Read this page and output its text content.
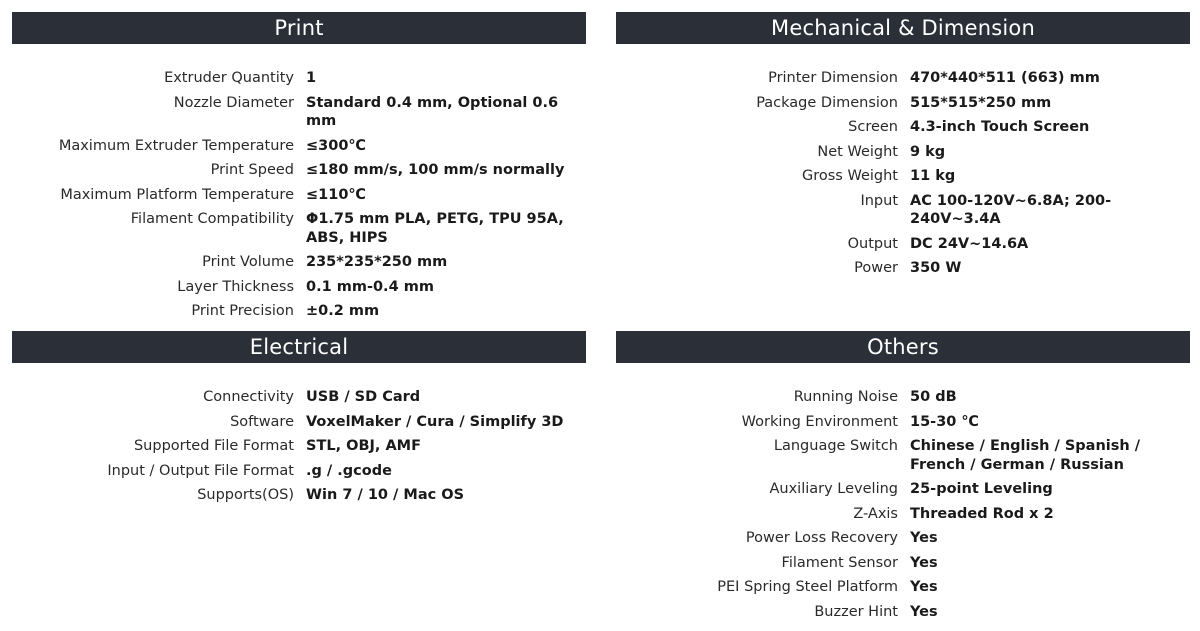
Print
Extruder Quantity 1
Nozzle Diameter Standard 0.4 mm, Optional 0.6 mm
Maximum Extruder Temperature ≤300℃
Print Speed ≤180 mm/s, 100 mm/s normally
Maximum Platform Temperature ≤110℃
Filament Compatibility Φ1.75 mm PLA, PETG, TPU 95A, ABS, HIPS
Print Volume 235*235*250 mm
Layer Thickness 0.1 mm-0.4 mm
Print Precision ±0.2 mm
Mechanical & Dimension
Printer Dimension 470*440*511 (663) mm
Package Dimension 515*515*250 mm
Screen 4.3-inch Touch Screen
Net Weight 9 kg
Gross Weight 11 kg
Input AC 100-120V~6.8A; 200-240V~3.4A
Output DC 24V~14.6A
Power 350 W
Electrical
Connectivity USB / SD Card
Software VoxelMaker / Cura / Simplify 3D
Supported File Format STL, OBJ, AMF
Input / Output File Format .g / .gcode
Supports(OS) Win 7 / 10 / Mac OS
Others
Running Noise 50 dB
Working Environment 15-30 ℃
Language Switch Chinese / English / Spanish / French / German / Russian
Auxiliary Leveling 25-point Leveling
Z-Axis Threaded Rod x 2
Power Loss Recovery Yes
Filament Sensor Yes
PEI Spring Steel Platform Yes
Buzzer Hint Yes
